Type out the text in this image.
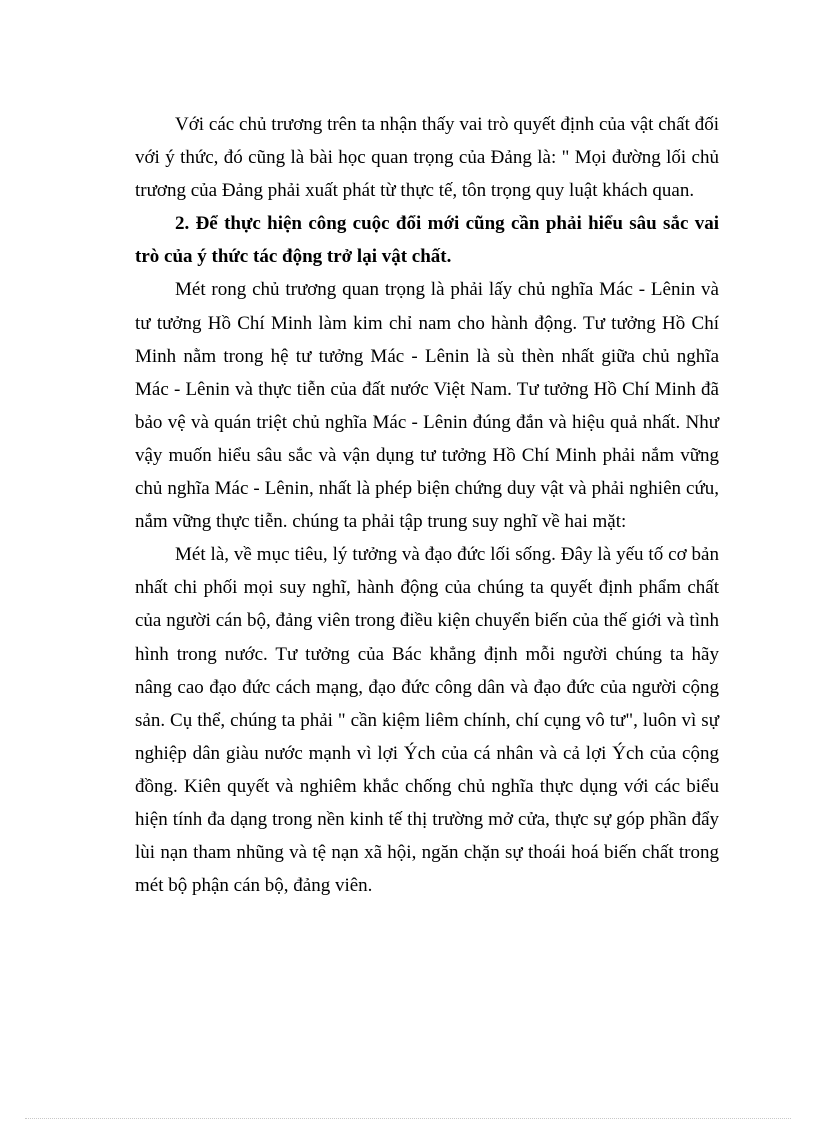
Với các chủ trương trên ta nhận thấy vai trò quyết định của vật chất đối với ý thức, đó cũng là bài học quan trọng của Đảng là: " Mọi đường lối chủ trương của Đảng phải xuất phát từ thực tế, tôn trọng quy luật khách quan.

2. Để thực hiện công cuộc đổi mới cũng cần phải hiểu sâu sắc vai trò của ý thức tác động trở lại vật chất.

Mét rong chủ trương quan trọng là phải lấy chủ nghĩa Mác - Lênin và tư tưởng Hồ Chí Minh làm kim chỉ nam cho hành động. Tư tưởng Hồ Chí Minh nằm trong hệ tư tưởng Mác - Lênin là sù thèn nhất giữa chủ nghĩa Mác - Lênin và thực tiễn của đất nước Việt Nam. Tư tưởng Hồ Chí Minh đã bảo vệ và quán triệt chủ nghĩa Mác - Lênin đúng đắn và hiệu quả nhất. Như vậy muốn hiểu sâu sắc và vận dụng tư tưởng Hồ Chí Minh phải nắm vững chủ nghĩa Mác - Lênin, nhất là phép biện chứng duy vật và phải nghiên cứu, nắm vững thực tiễn. chúng ta phải tập trung suy nghĩ về hai mặt:

Mét là, về mục tiêu, lý tưởng và đạo đức lối sống. Đây là yếu tố cơ bản nhất chi phối mọi suy nghĩ, hành động của chúng ta quyết định phẩm chất của người cán bộ, đảng viên trong điều kiện chuyển biến của thế giới và tình hình trong nước. Tư tưởng của Bác khẳng định mỗi người chúng ta hãy nâng cao đạo đức cách mạng, đạo đức công dân và đạo đức của người cộng sản. Cụ thể, chúng ta phải " cần kiệm liêm chính, chí cụng vô tư", luôn vì sự nghiệp dân giàu nước mạnh vì lợi Ých của cá nhân và cả lợi Ých của cộng đồng. Kiên quyết và nghiêm khắc chống chủ nghĩa thực dụng với các biểu hiện tính đa dạng trong nền kinh tế thị trường mở cửa, thực sự góp phần đẩy lùi nạn tham nhũng và tệ nạn xã hội, ngăn chặn sự thoái hoá biến chất trong mét bộ phận cán bộ, đảng viên.
